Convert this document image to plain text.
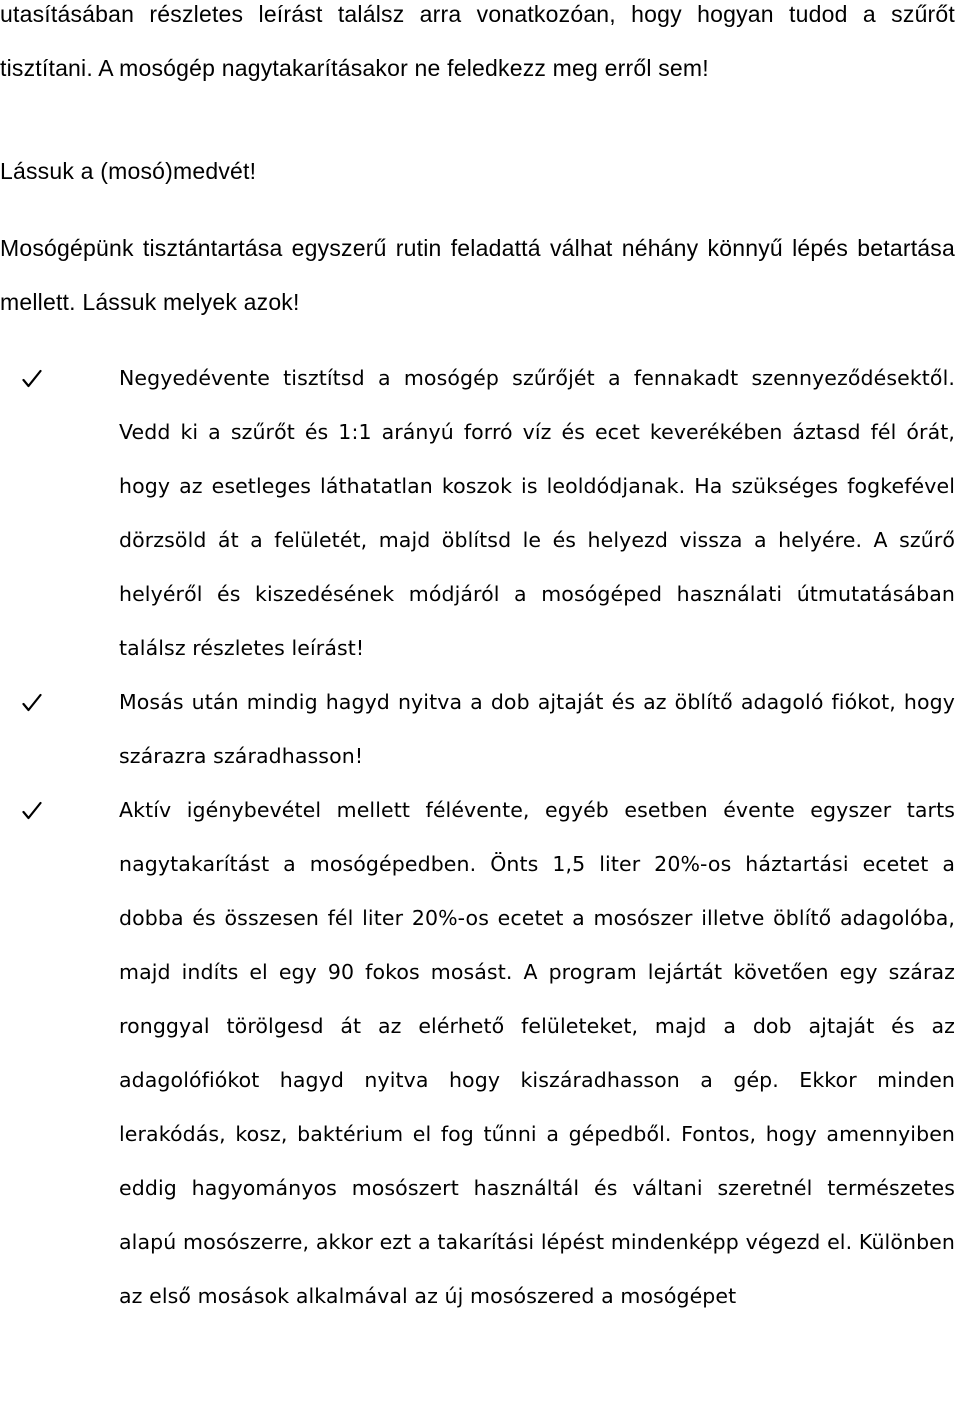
utasításában részletes leírást találsz arra vonatkozóan, hogy hogyan tudod a szűrőt tisztítani. A mosógép nagytakarításakor ne feledkezz meg erről sem!

Lássuk a (mosó)medvét!

Mosógépünk tisztántartása egyszerű rutin feladattá válhat néhány könnyű lépés betartása mellett. Lássuk melyek azok!

Negyedévente tisztítsd a mosógép szűrőjét a fennakadt szennyeződésektől. Vedd ki a szűrőt és 1:1 arányú forró víz és ecet keverékében áztasd fél órát, hogy az esetleges láthatatlan koszok is leoldódjanak. Ha szükséges fogkefével dörzsöld át a felületét, majd öblítsd le és helyezd vissza a helyére. A szűrő helyéről és kiszedésének módjáról a mosógéped használati útmutatásában találsz részletes leírást!
Mosás után mindig hagyd nyitva a dob ajtaját és az öblítő adagoló fiókot, hogy szárazra száradhasson!
Aktív igénybevétel mellett félévente, egyéb esetben évente egyszer tarts nagytakarítást a mosógépedben. Önts 1,5 liter 20%-os háztartási ecetet a dobba és összesen fél liter 20%-os ecetet a mosószer illetve öblítő adagolóba, majd indíts el egy 90 fokos mosást. A program lejártát követően egy száraz ronggyal törölgesd át az elérhető felületeket, majd a dob ajtaját és az adagolófiókot hagyd nyitva hogy kiszáradhasson a gép. Ekkor minden lerakódás, kosz, baktérium el fog tűnni a gépedből. Fontos, hogy amennyiben eddig hagyományos mosószert használtál és váltani szeretnél természetes alapú mosószerre, akkor ezt a takarítási lépést mindenképp végezd el. Különben az első mosások alkalmával az új mosószered a mosógépet
